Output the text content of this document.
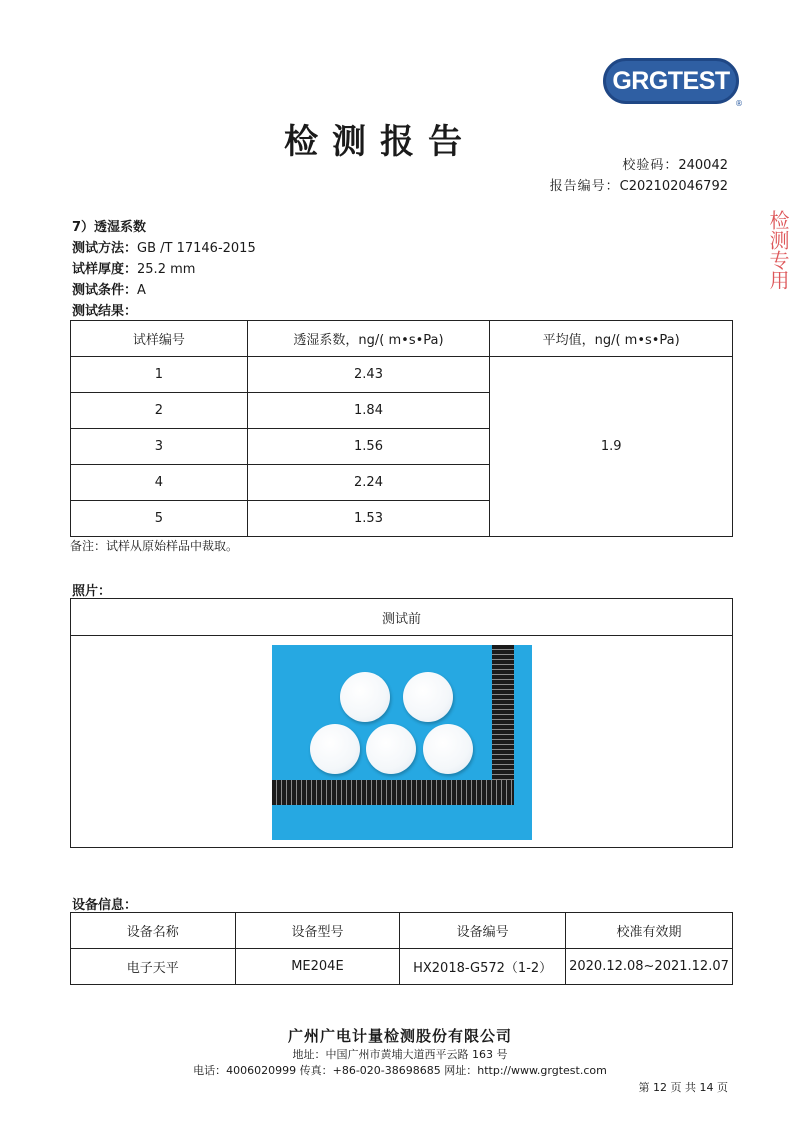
GRGTEST
®
检测报告
校验码：240042
报告编号：C202102046792
7）透湿系数
测试方法：GB /T 17146-2015
试样厚度：25.2 mm
测试条件：A
测试结果：
试样编号	透湿系数，ng/( m•s•Pa)	平均值，ng/( m•s•Pa)
1	2.43	1.9
2	1.84	
3	1.56	
4	2.24	
5	1.53	
备注：试样从原始样品中裁取。
照片：
测试前
设备信息：
设备名称	设备型号	设备编号	校准有效期
电子天平	ME204E	HX2018-G572（1-2）	2020.12.08~2021.12.07
广州广电计量检测股份有限公司
地址：中国广州市黄埔大道西平云路 163 号
电话：4006020999 传真：+86-020-38698685 网址：http://www.grgtest.com
第 12 页 共 14 页
检测专用
